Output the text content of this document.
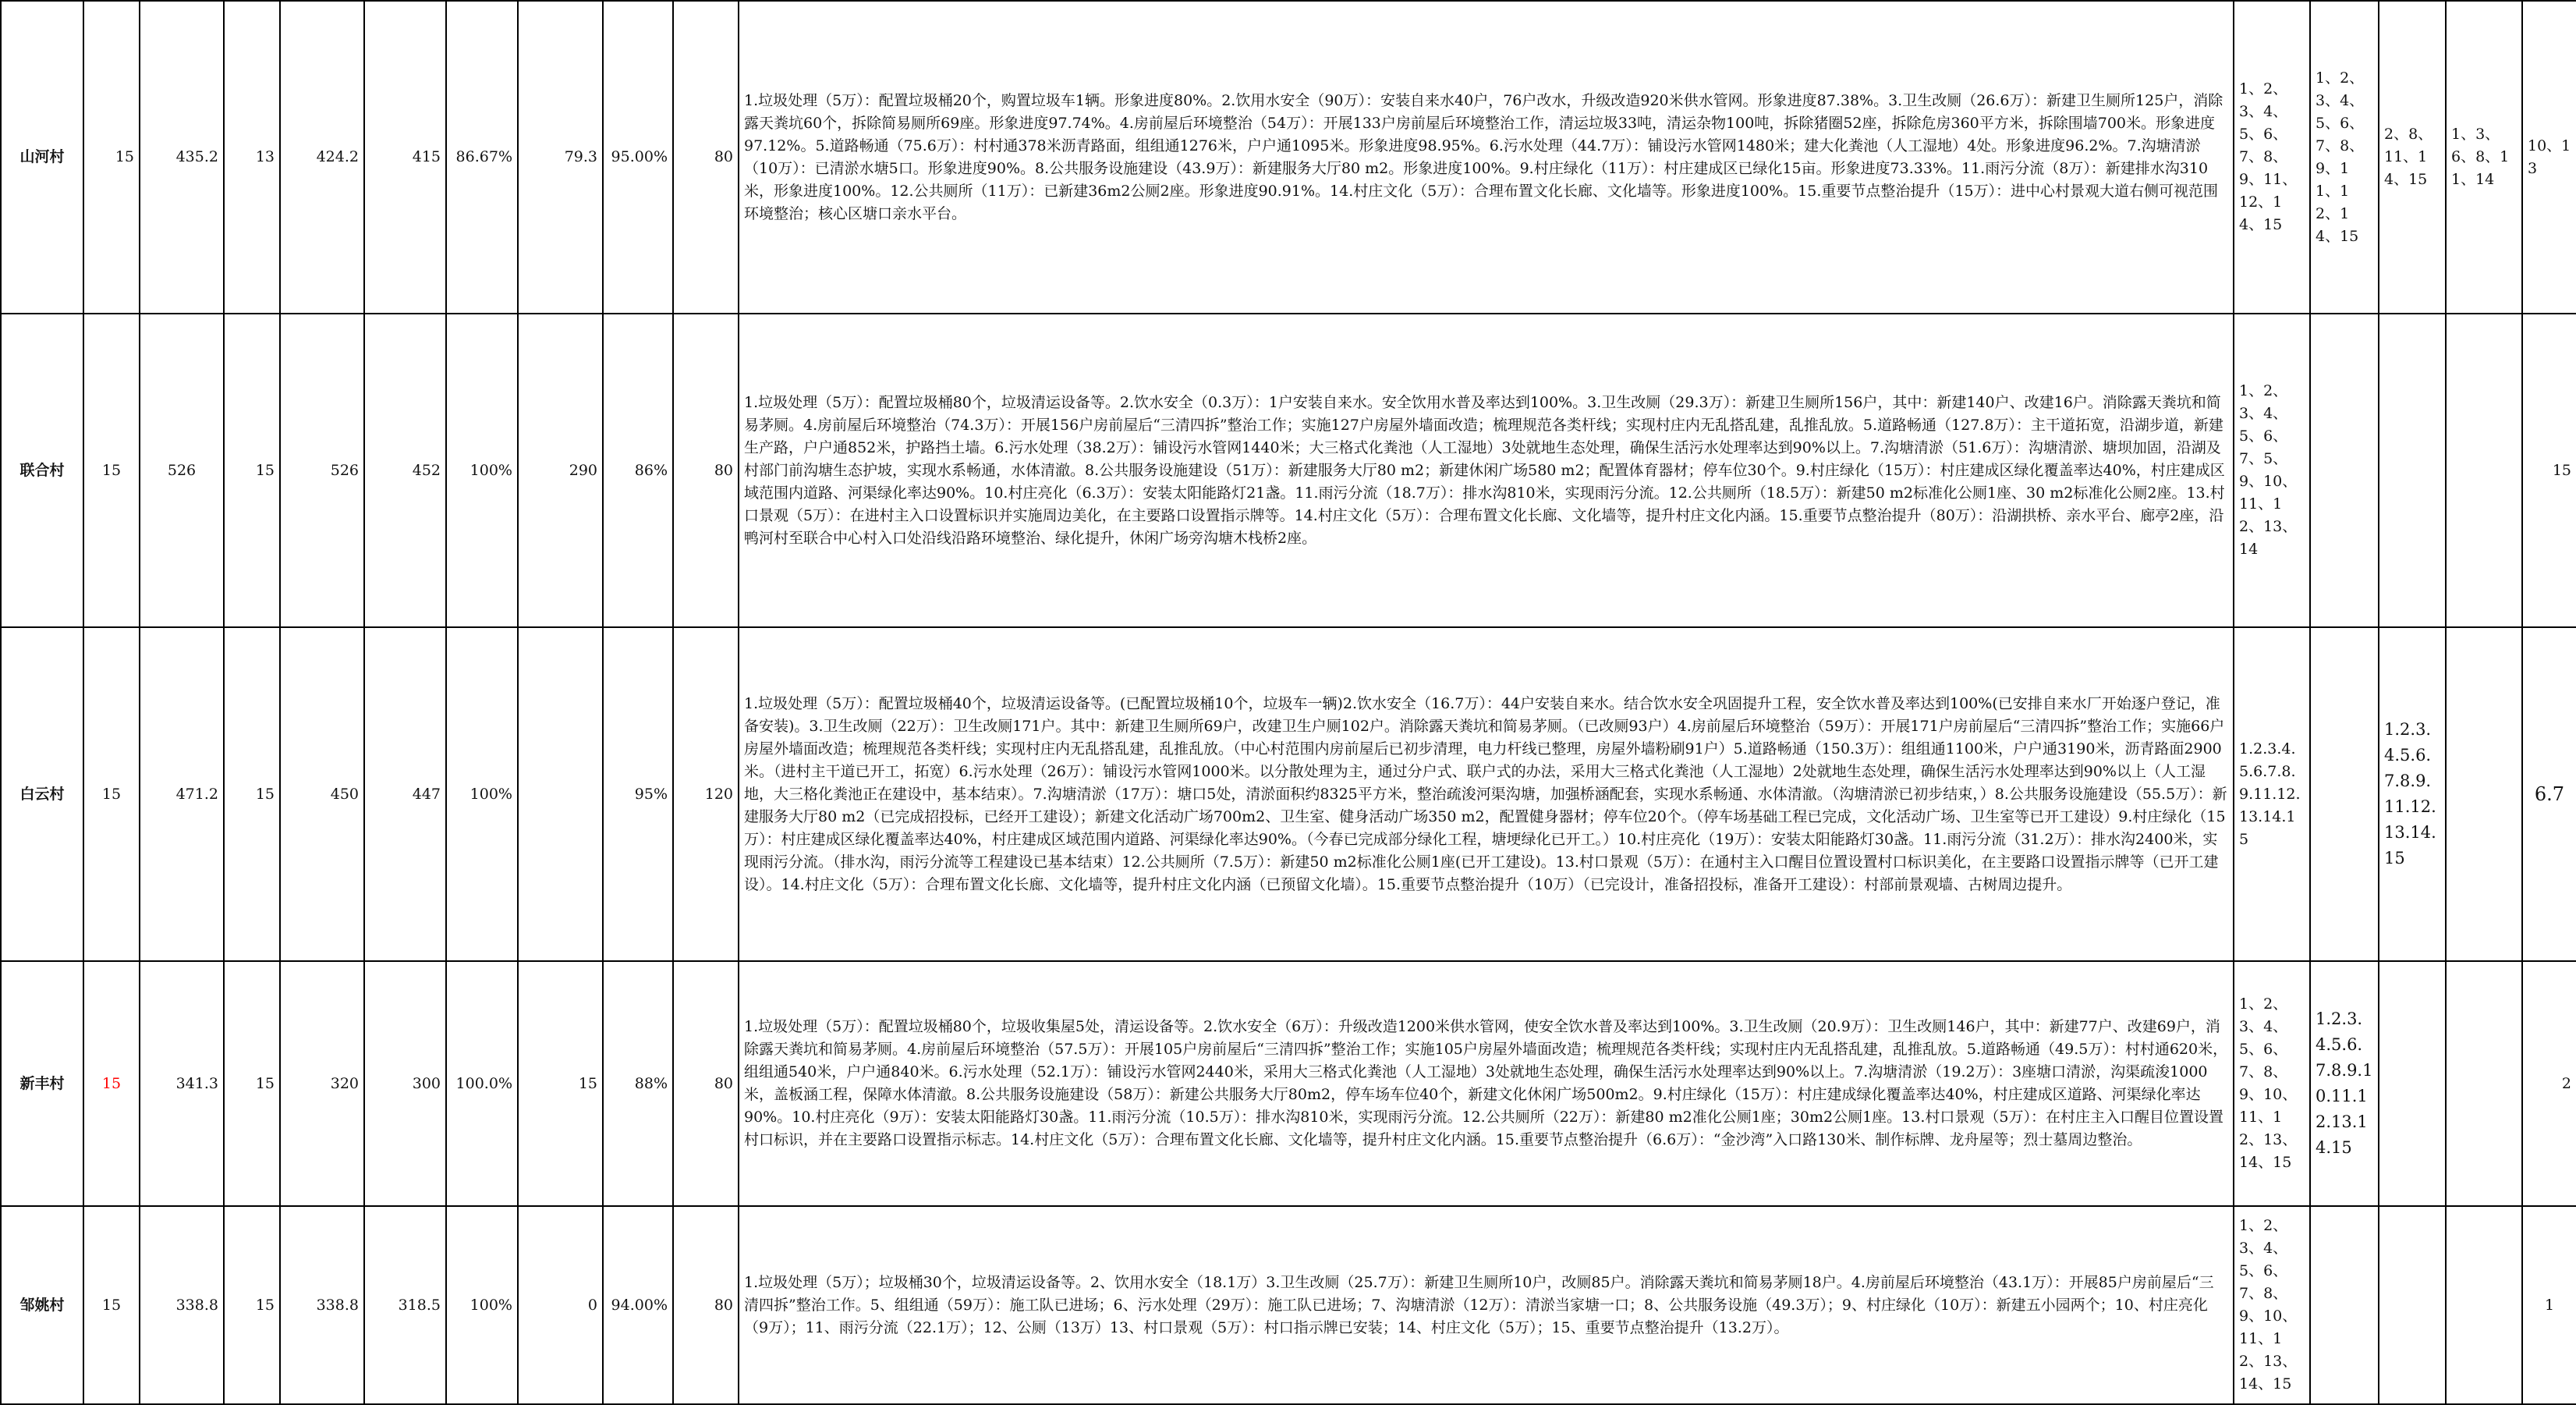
山河村	15	435.2	13	424.2	415	86.67%	79.3	95.00%	80	1.垃圾处理（5万）：配置垃圾桶20个，购置垃圾车1辆。形象进度80%。2.饮用水安全（90万）：安装自来水40户，76户改水，升级改造920米供水管网。形象进度87.38%。3.卫生改厕（26.6万）：新建卫生厕所125户，消除露天粪坑60个，拆除简易厕所69座。形象进度97.74%。4.房前屋后环境整治（54万）：开展133户房前屋后环境整治工作，清运垃圾33吨，清运杂物100吨，拆除猪圈52座，拆除危房360平方米，拆除围墙700米。形象进度97.12%。5.道路畅通（75.6万）：村村通378米沥青路面，组组通1276米，户户通1095米。形象进度98.95%。6.污水处理（44.7万）：铺设污水管网1480米；建大化粪池（人工湿地）4处。形象进度96.2%。7.沟塘清淤（10万）：已清淤水塘5口。形象进度90%。8.公共服务设施建设（43.9万）：新建服务大厅80 m2。形象进度100%。9.村庄绿化（11万）：村庄建成区已绿化15亩。形象进度73.33%。11.雨污分流（8万）：新建排水沟310米，形象进度100%。12.公共厕所（11万）：已新建36m2公厕2座。形象进度90.91%。14.村庄文化（5万）：合理布置文化长廊、文化墙等。形象进度100%。15.重要节点整治提升（15万）：进中心村景观大道右侧可视范围环境整治；核心区塘口亲水平台。	1、2、3、4、5、6、7、8、9、11、12、14、15	1、2、3、4、5、6、7、8、9、11、12、14、15	2、8、11、14、15	1、3、6、8、11、14	10、13
联合村	15	526	15	526	452	100%	290	86%	80	1.垃圾处理（5万）：配置垃圾桶80个，垃圾清运设备等。2.饮水安全（0.3万）：1户安装自来水。安全饮用水普及率达到100%。3.卫生改厕（29.3万）：新建卫生厕所156户，其中：新建140户、改建16户。消除露天粪坑和简易茅厕。4.房前屋后环境整治（74.3万）：开展156户房前屋后“三清四拆”整治工作；实施127户房屋外墙面改造；梳理规范各类杆线；实现村庄内无乱搭乱建，乱推乱放。5.道路畅通（127.8万）：主干道拓宽，沿湖步道，新建生产路，户户通852米，护路挡土墙。6.污水处理（38.2万）：铺设污水管网1440米；大三格式化粪池（人工湿地）3处就地生态处理，确保生活污水处理率达到90%以上。7.沟塘清淤（51.6万）：沟塘清淤、塘坝加固，沿湖及村部门前沟塘生态护坡，实现水系畅通，水体清澈。8.公共服务设施建设（51万）：新建服务大厅80 m2；新建休闲广场580 m2；配置体育器材；停车位30个。9.村庄绿化（15万）：村庄建成区绿化覆盖率达40%，村庄建成区域范围内道路、河渠绿化率达90%。10.村庄亮化（6.3万）：安装太阳能路灯21盏。11.雨污分流（18.7万）：排水沟810米，实现雨污分流。12.公共厕所（18.5万）：新建50 m2标准化公厕1座、30 m2标准化公厕2座。13.村口景观（5万）：在进村主入口设置标识并实施周边美化，在主要路口设置指示牌等。14.村庄文化（5万）：合理布置文化长廊、文化墙等，提升村庄文化内涵。15.重要节点整治提升（80万）：沿湖拱桥、亲水平台、廊亭2座，沿鸭河村至联合中心村入口处沿线沿路环境整治、绿化提升，休闲广场旁沟塘木栈桥2座。	1、2、3、4、5、6、7、5、9、10、11、12、13、14				15
白云村	15	471.2	15	450	447	100%		95%	120	1.垃圾处理（5万）：配置垃圾桶40个，垃圾清运设备等。(已配置垃圾桶10个，垃圾车一辆)2.饮水安全（16.7万）：44户安装自来水。结合饮水安全巩固提升工程，安全饮水普及率达到100%(已安排自来水厂开始逐户登记，准备安装)。3.卫生改厕（22万）：卫生改厕171户。其中：新建卫生厕所69户，改建卫生户厕102户。消除露天粪坑和简易茅厕。（已改厕93户）4.房前屋后环境整治（59万）：开展171户房前屋后“三清四拆”整治工作；实施66户房屋外墙面改造；梳理规范各类杆线；实现村庄内无乱搭乱建，乱推乱放。（中心村范围内房前屋后已初步清理，电力杆线已整理，房屋外墙粉刷91户）5.道路畅通（150.3万）：组组通1100米，户户通3190米，沥青路面2900米。（进村主干道已开工，拓宽）6.污水处理（26万）：铺设污水管网1000米。以分散处理为主，通过分户式、联户式的办法，采用大三格式化粪池（人工湿地）2处就地生态处理，确保生活污水处理率达到90%以上（人工湿地，大三格化粪池正在建设中，基本结束）。7.沟塘清淤（17万）：塘口5处，清淤面积约8325平方米，整治疏浚河渠沟塘，加强桥涵配套，实现水系畅通、水体清澈。（沟塘清淤已初步结束，）8.公共服务设施建设（55.5万）：新建服务大厅80 m2（已完成招投标，已经开工建设）；新建文化活动广场700m2、卫生室、健身活动广场350 m2，配置健身器材；停车位20个。（停车场基础工程已完成，文化活动广场、卫生室等已开工建设）9.村庄绿化（15万）：村庄建成区绿化覆盖率达40%，村庄建成区域范围内道路、河渠绿化率达90%。（今春已完成部分绿化工程，塘埂绿化已开工。）10.村庄亮化（19万）：安装太阳能路灯30盏。11.雨污分流（31.2万）：排水沟2400米，实现雨污分流。（排水沟，雨污分流等工程建设已基本结束）12.公共厕所（7.5万）：新建50 m2标准化公厕1座(已开工建设)。13.村口景观（5万）：在通村主入口醒目位置设置村口标识美化，在主要路口设置指示牌等（已开工建设）。14.村庄文化（5万）：合理布置文化长廊、文化墙等，提升村庄文化内涵（已预留文化墙）。15.重要节点整治提升（10万）（已完设计，准备招投标，准备开工建设）：村部前景观墙、古树周边提升。	1.2.3.4.5.6.7.8.9.11.12.13.14.15		1.2.3.4.5.6.7.8.9.11.12.13.14.15		6.7
新丰村	15	341.3	15	320	300	100.0%	15	88%	80	1.垃圾处理（5万）：配置垃圾桶80个，垃圾收集屋5处，清运设备等。2.饮水安全（6万）：升级改造1200米供水管网，使安全饮水普及率达到100%。3.卫生改厕（20.9万）：卫生改厕146户，其中：新建77户、改建69户，消除露天粪坑和简易茅厕。4.房前屋后环境整治（57.5万）：开展105户房前屋后“三清四拆”整治工作；实施105户房屋外墙面改造；梳理规范各类杆线；实现村庄内无乱搭乱建，乱推乱放。5.道路畅通（49.5万）：村村通620米，组组通540米，户户通840米。6.污水处理（52.1万）：铺设污水管网2440米，采用大三格式化粪池（人工湿地）3处就地生态处理，确保生活污水处理率达到90%以上。7.沟塘清淤（19.2万）：3座塘口清淤，沟渠疏浚1000米，盖板涵工程，保障水体清澈。8.公共服务设施建设（58万）：新建公共服务大厅80m2，停车场车位40个，新建文化休闲广场500m2。9.村庄绿化（15万）：村庄建成绿化覆盖率达40%，村庄建成区道路、河渠绿化率达90%。10.村庄亮化（9万）：安装太阳能路灯30盏。11.雨污分流（10.5万）：排水沟810米，实现雨污分流。12.公共厕所（22万）：新建80 m2准化公厕1座；30m2公厕1座。13.村口景观（5万）：在村庄主入口醒目位置设置村口标识，并在主要路口设置指示标志。14.村庄文化（5万）：合理布置文化长廊、文化墙等，提升村庄文化内涵。15.重要节点整治提升（6.6万）：“金沙湾”入口路130米、制作标牌、龙舟屋等；烈士墓周边整治。	1、2、3、4、5、6、7、8、9、10、11、12、13、14、15	1.2.3.4.5.6.7.8.9.10.11.12.13.14.15			2
邹姚村	15	338.8	15	338.8	318.5	100%	0	94.00%	80	1.垃圾处理（5万）；垃圾桶30个，垃圾清运设备等。2、饮用水安全（18.1万）3.卫生改厕（25.7万）：新建卫生厕所10户，改厕85户。消除露天粪坑和简易茅厕18户。4.房前屋后环境整治（43.1万）：开展85户房前屋后“三清四拆”整治工作。5、组组通（59万）：施工队已进场；6、污水处理（29万）：施工队已进场；7、沟塘清淤（12万）：清淤当家塘一口；8、公共服务设施（49.3万）；9、村庄绿化（10万）：新建五小园两个；10、村庄亮化（9万）；11、雨污分流（22.1万）；12、公厕（13万）13、村口景观（5万）：村口指示牌已安装；14、村庄文化（5万）；15、重要节点整治提升（13.2万）。	1、2、3、4、5、6、7、8、9、10、11、12、13、14、15				1
